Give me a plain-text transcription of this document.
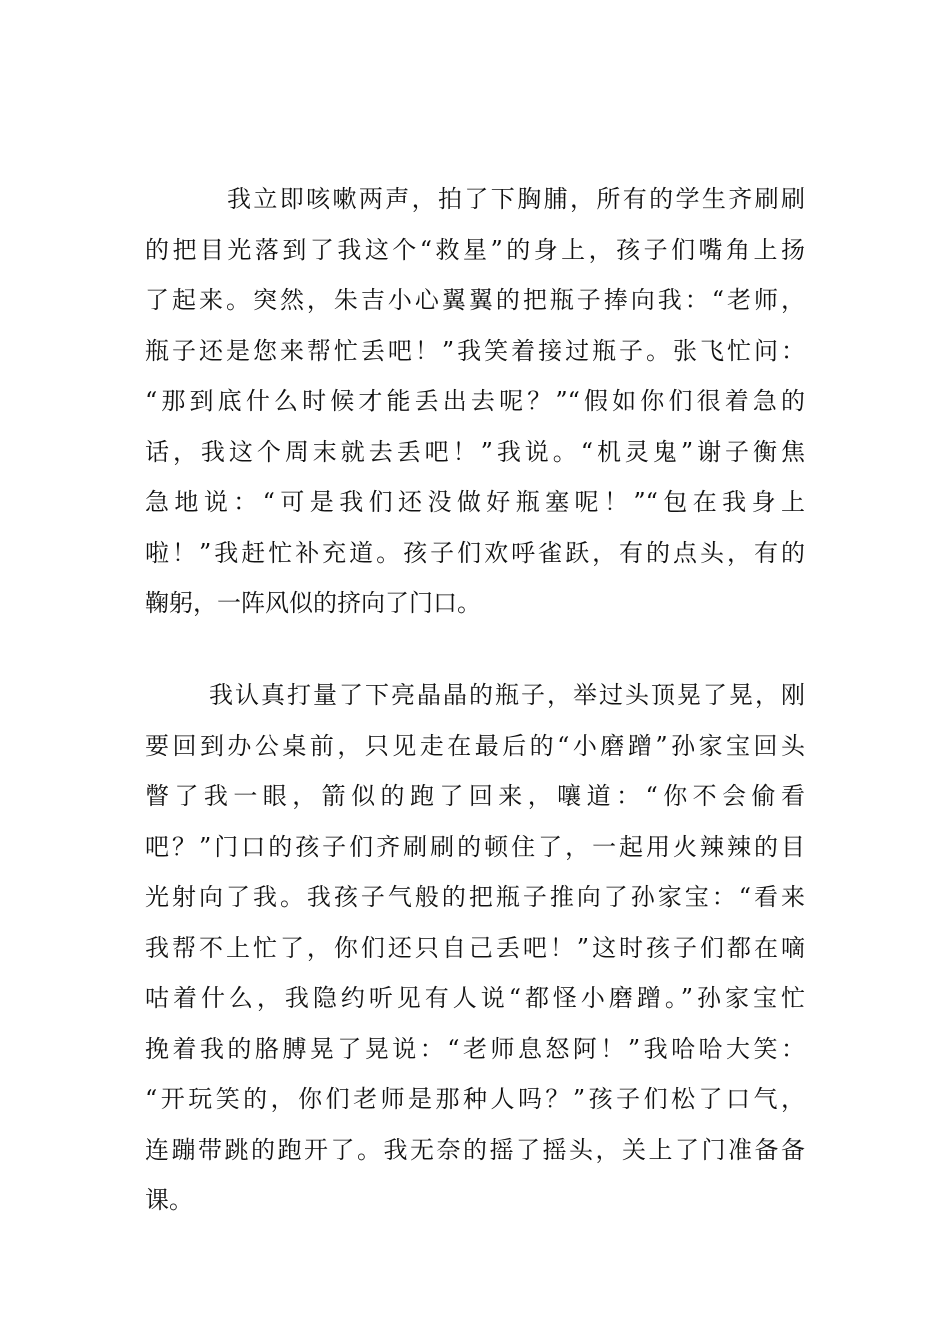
我立即咳嗽两声，拍了下胸脯，所有的学生齐刷刷
的把目光落到了我这个“救星”的身上，孩子们嘴角上扬
了起来。突然，朱吉小心翼翼的把瓶子捧向我：“老师，
瓶子还是您来帮忙丢吧！”我笑着接过瓶子。张飞忙问：
“那到底什么时候才能丢出去呢？”“假如你们很着急的
话，我这个周末就去丢吧！”我说。“机灵鬼”谢子衡焦
急地说：“可是我们还没做好瓶塞呢！”“包在我身上
啦！”我赶忙补充道。孩子们欢呼雀跃，有的点头，有的
鞠躬，一阵风似的挤向了门口。

我认真打量了下亮晶晶的瓶子，举过头顶晃了晃，刚
要回到办公桌前，只见走在最后的“小磨蹭”孙家宝回头
瞥了我一眼，箭似的跑了回来，嚷道：“你不会偷看
吧？”门口的孩子们齐刷刷的顿住了，一起用火辣辣的目
光射向了我。我孩子气般的把瓶子推向了孙家宝：“看来
我帮不上忙了，你们还只自己丢吧！”这时孩子们都在嘀
咕着什么，我隐约听见有人说“都怪小磨蹭。”孙家宝忙
挽着我的胳膊晃了晃说：“老师息怒阿！”我哈哈大笑：
“开玩笑的，你们老师是那种人吗？”孩子们松了口气，
连蹦带跳的跑开了。我无奈的摇了摇头，关上了门准备备
课。
